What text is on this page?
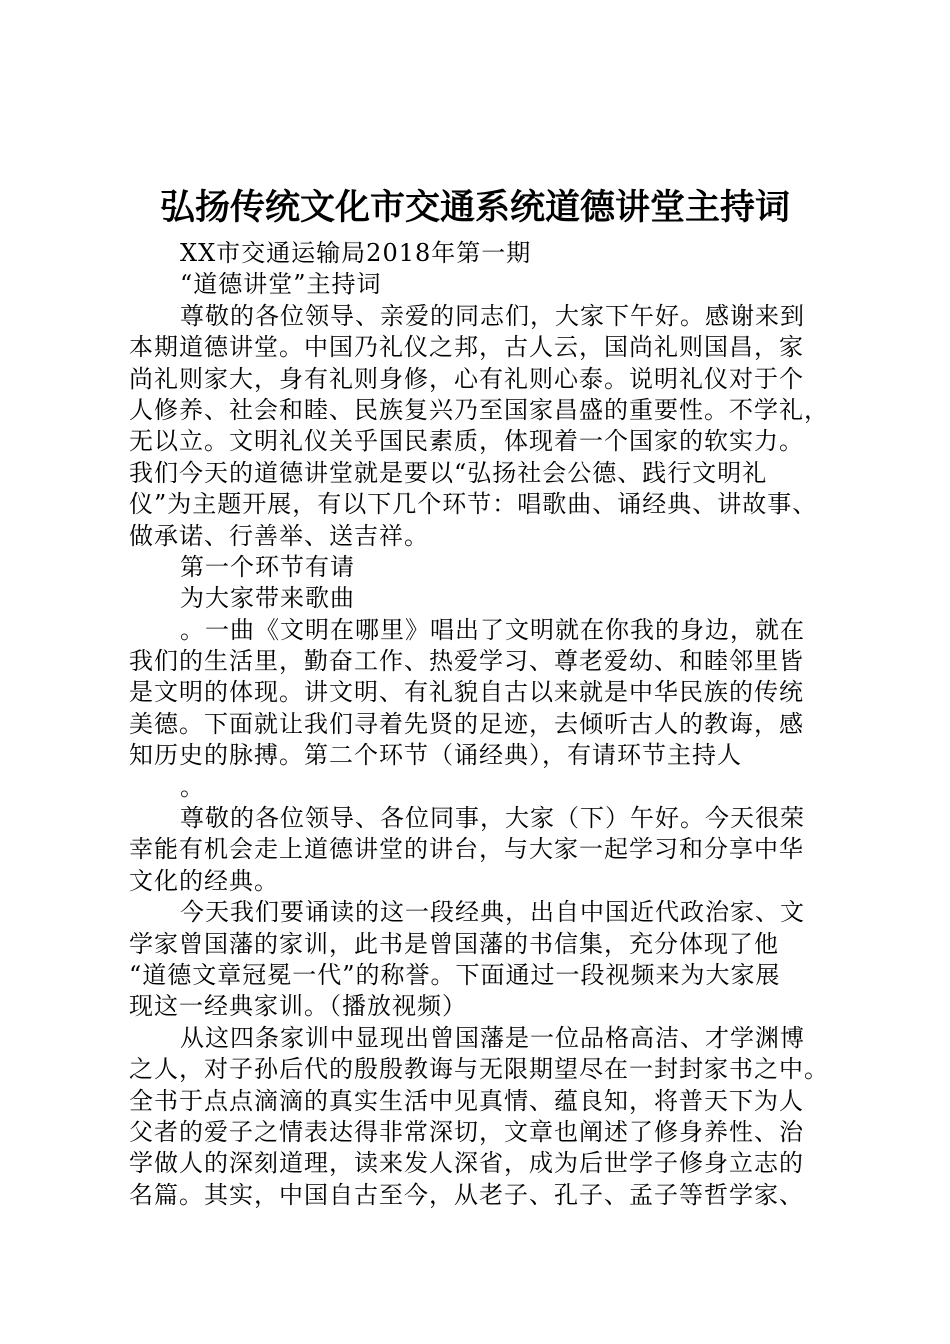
弘扬传统文化市交通系统道德讲堂主持词
XX市交通运输局2018年第一期
“道德讲堂”主持词
尊敬的各位领导、亲爱的同志们，大家下午好。感谢来到
本期道德讲堂。中国乃礼仪之邦，古人云，国尚礼则国昌，家
尚礼则家大，身有礼则身修，心有礼则心泰。说明礼仪对于个
人修养、社会和睦、民族复兴乃至国家昌盛的重要性。不学礼，
无以立。文明礼仪关乎国民素质，体现着一个国家的软实力。
我们今天的道德讲堂就是要以“弘扬社会公德、践行文明礼
仪”为主题开展，有以下几个环节：唱歌曲、诵经典、讲故事、
做承诺、行善举、送吉祥。
第一个环节有请
为大家带来歌曲
。一曲《文明在哪里》唱出了文明就在你我的身边，就在
我们的生活里，勤奋工作、热爱学习、尊老爱幼、和睦邻里皆
是文明的体现。讲文明、有礼貌自古以来就是中华民族的传统
美德。下面就让我们寻着先贤的足迹，去倾听古人的教诲，感
知历史的脉搏。第二个环节（诵经典），有请环节主持人
。
尊敬的各位领导、各位同事，大家（下）午好。今天很荣
幸能有机会走上道德讲堂的讲台，与大家一起学习和分享中华
文化的经典。
今天我们要诵读的这一段经典，出自中国近代政治家、文
学家曾国藩的家训，此书是曾国藩的书信集，充分体现了他
“道德文章冠冕一代”的称誉。下面通过一段视频来为大家展
现这一经典家训。（播放视频）
从这四条家训中显现出曾国藩是一位品格高洁、才学渊博
之人，对子孙后代的殷殷教诲与无限期望尽在一封封家书之中。
全书于点点滴滴的真实生活中见真情、蕴良知，将普天下为人
父者的爱子之情表达得非常深切，文章也阐述了修身养性、治
学做人的深刻道理，读来发人深省，成为后世学子修身立志的
名篇。其实，中国自古至今，从老子、孔子、孟子等哲学家、
